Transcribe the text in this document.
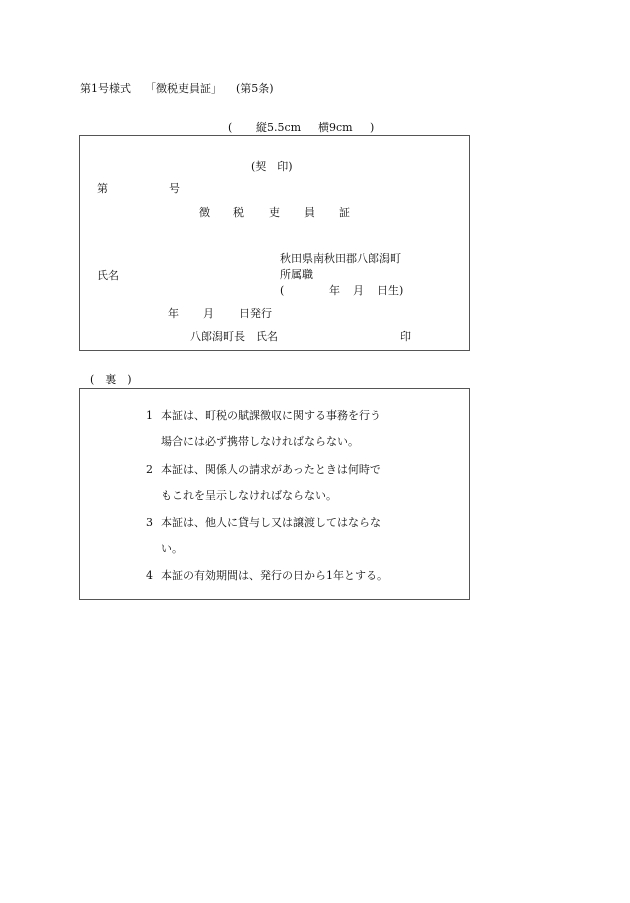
第1号様式 「徴税吏員証」 (第5条)
( 縦5.5cm 横9cm )
(契　印)
第	号
徴 税 吏 員 証
秋田県南秋田郡八郎潟町
氏名	所属職
(	年 月 日生)
年 月 日発行
八郎潟町長　氏名	印
(　裏　)
1 本証は、町税の賦課徴収に関する事務を行う
場合には必ず携帯しなければならない。
2 本証は、関係人の請求があったときは何時で
もこれを呈示しなければならない。
3 本証は、他人に貸与し又は譲渡してはならな
い。
4 本証の有効期間は、発行の日から1年とする。
